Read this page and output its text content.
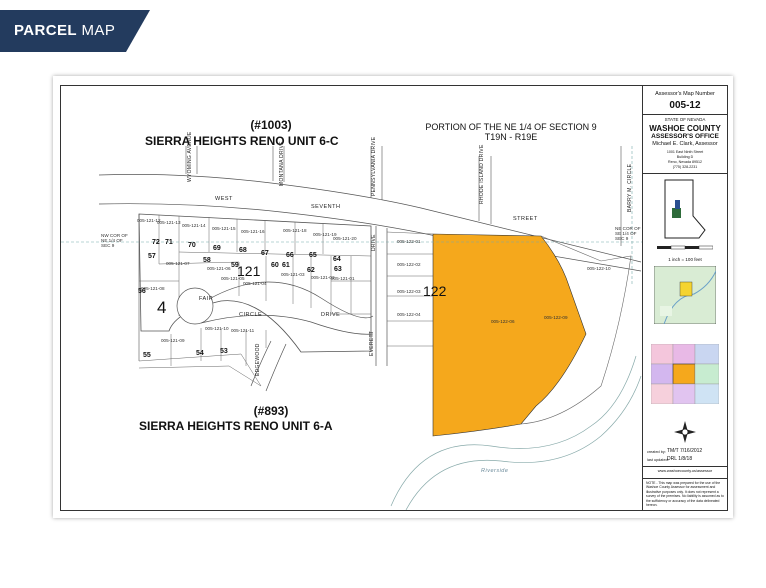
PARCEL MAP
(#1003)
SIERRA HEIGHTS RENO UNIT 6-C
PORTION OF THE NE 1/4 OF SECTION 9
T19N - R19E
(#893)
SIERRA HEIGHTS RENO UNIT 6-A
121
122
4
WEST
SEVENTH
STREET
WYOMING AVENUE	MONTANA DRIVE	PENNSYLVANIA DRIVE	RHODE ISLAND DRIVE	BARRY M. CIRCLE
FAIR
CIRCLE	DRIVE
EVERETT
DRIVE
EDGEWOOD
Riverside
72 71 70 69	68 67 66 65
64
63
62
61
60
59
58
57
56
55	54 53
005-121-12
005-121-13
005-121-14
005-121-15
005-121-16	005-121-18
005-121-19
005-121-20
005-121-07
005-121-06
005-121-05
005-121-04
005-121-03
005-121-02
005-121-01
005-121-08
005-121-10 005-121-11
005-121-09
005-122-01
005-122-02
005-122-03
005-122-04
005-122-06
005-122-09
005-122-10
NW COR OF NE 1/4 OF SEC 9
NE COR OF SE 1/4 OF SEC 9
Assessor's Map Number
005-12
STATE OF NEVADA
WASHOE COUNTY
ASSESSOR'S OFFICE
Michael E. Clark, Assessor
1001 East Ninth Street
Building D
Reno, Nevada 89512
(775) 328-2231
1 inch = 100 feet
created by: TM/T 7/16/2012
last updated:
DRL 1/8/18
www.washoecounty.us/assessor
NOTE - This map was prepared for the use of the Washoe County Assessor for assessment and illustrative purposes only. It does not represent a survey of the premises. No liability is assumed as to the sufficiency or accuracy of the data delineated hereon.
